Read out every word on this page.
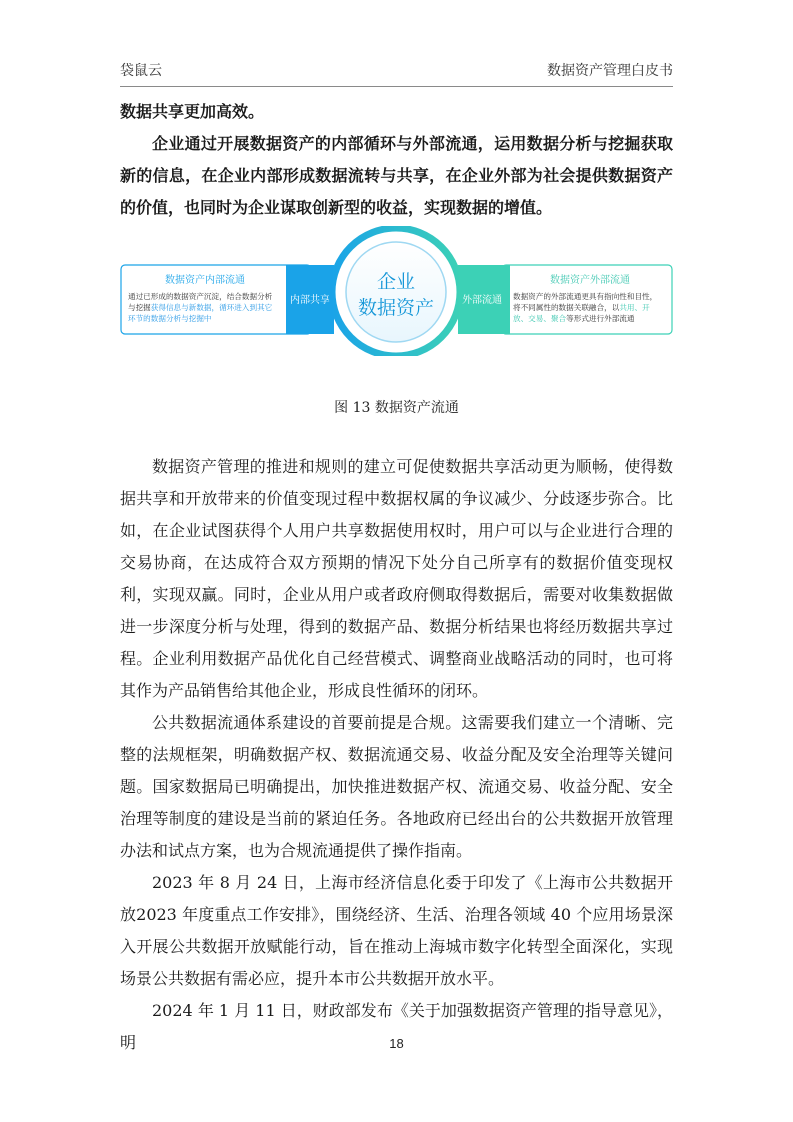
袋鼠云	数据资产管理白皮书

数据共享更加高效。

企业通过开展数据资产的内部循环与外部流通，运用数据分析与挖掘获取新的信息，在企业内部形成数据流转与共享，在企业外部为社会提供数据资产的价值，也同时为企业谋取创新型的收益，实现数据的增值。

数据资产内部流通
通过已形成的数据资产沉淀，结合数据分析与挖掘获得信息与新数据，循环进入到其它环节的数据分析与挖掘中
内部共享
数据资产外部流通
数据资产的外部流通更具有指向性和目性，将不同属性的数据关联融合，以共用、开放、交易、聚合等形式进行外部流通
外部流通
企业
数据资产
图 13 数据资产流通

数据资产管理的推进和规则的建立可促使数据共享活动更为顺畅，使得数据共享和开放带来的价值变现过程中数据权属的争议减少、分歧逐步弥合。比如，在企业试图获得个人用户共享数据使用权时，用户可以与企业进行合理的交易协商，在达成符合双方预期的情况下处分自己所享有的数据价值变现权利，实现双赢。同时，企业从用户或者政府侧取得数据后，需要对收集数据做进一步深度分析与处理，得到的数据产品、数据分析结果也将经历数据共享过程。企业利用数据产品优化自己经营模式、调整商业战略活动的同时，也可将其作为产品销售给其他企业，形成良性循环的闭环。

公共数据流通体系建设的首要前提是合规。这需要我们建立一个清晰、完整的法规框架，明确数据产权、数据流通交易、收益分配及安全治理等关键问题。国家数据局已明确提出，加快推进数据产权、流通交易、收益分配、安全治理等制度的建设是当前的紧迫任务。各地政府已经出台的公共数据开放管理办法和试点方案，也为合规流通提供了操作指南。

2023 年 8 月 24 日，上海市经济信息化委于印发了《上海市公共数据开放2023 年度重点工作安排》，围绕经济、生活、治理各领域 40 个应用场景深入开展公共数据开放赋能行动，旨在推动上海城市数字化转型全面深化，实现场景公共数据有需必应，提升本市公共数据开放水平。

2024 年 1 月 11 日，财政部发布《关于加强数据资产管理的指导意见》，明	18
